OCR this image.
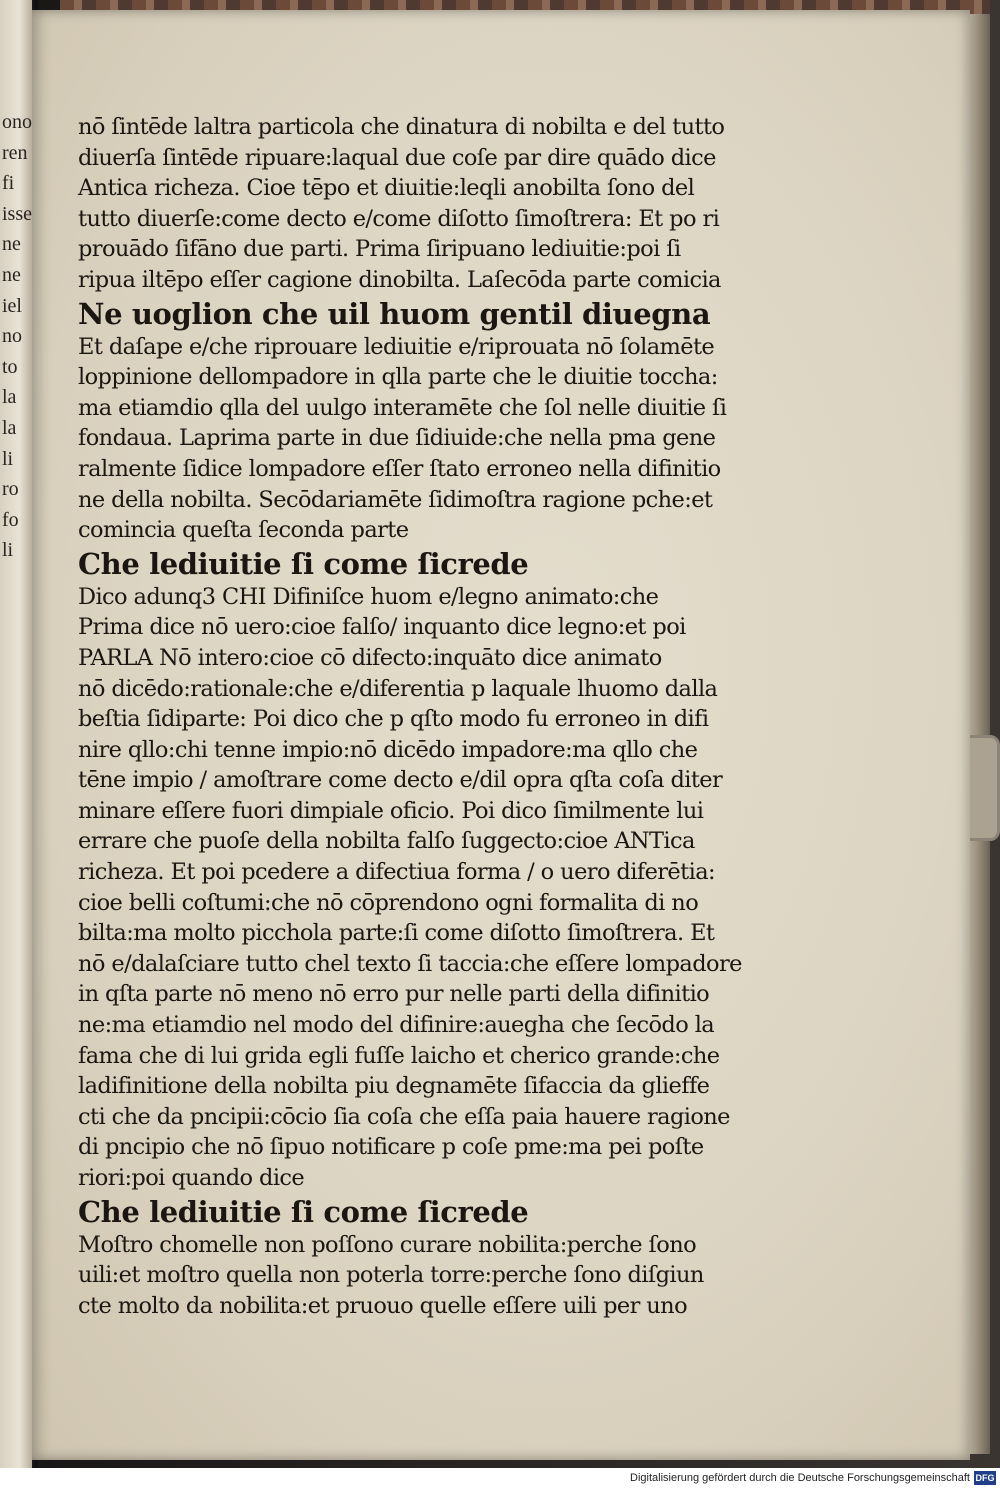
ono
ren
fi
isse
ne
ne
iel
no
to
la
la
li
ro
fo
li
nō ſintēde laltra particola che dinatura di nobilta e del tutto
diuerſa ſintēde ripuare:laqual due coſe par dire quādo dice
Antica richeza. Cioe tēpo et diuitie:leqli anobilta ſono del
tutto diuerſe:come decto e/come diſotto ſimoſtrera: Et po ri
prouādo ſifāno due parti. Prima ſiripuano lediuitie:poi ſi
ripua iltēpo eſſer cagione dinobilta. Laſecōda parte comicia
Ne uoglion che uil huom gentil diuegna
Et daſape e/che riprouare lediuitie e/riprouata nō ſolamēte
loppinione dellompadore in qlla parte che le diuitie toccha:
ma etiamdio qlla del uulgo interamēte che ſol nelle diuitie ſi
fondaua. Laprima parte in due ſidiuide:che nella pma gene
ralmente ſidice lompadore eſſer ſtato erroneo nella difinitio
ne della nobilta. Secōdariamēte ſidimoſtra ragione pche:et
comincia queſta ſeconda parte
Che lediuitie ſi come ſicrede
Dico adunq3 CHI Difiniſce huom e/legno animato:che
Prima dice nō uero:cioe falſo/ inquanto dice legno:et poi
PARLA Nō intero:cioe cō difecto:inquāto dice animato
nō dicēdo:rationale:che e/diferentia p laquale lhuomo dalla
beſtia ſidiparte: Poi dico che p qſto modo fu erroneo in difi
nire qllo:chi tenne impio:nō dicēdo impadore:ma qllo che
tēne impio / amoſtrare come decto e/dil opra qſta coſa diter
minare eſſere fuori dimpiale oficio. Poi dico ſimilmente lui
errare che puoſe della nobilta falſo ſuggecto:cioe ANTica
richeza. Et poi pcedere a difectiua forma / o uero diferētia:
cioe belli coſtumi:che nō cōprendono ogni formalita di no
bilta:ma molto picchola parte:ſi come diſotto ſimoſtrera. Et
nō e/dalaſciare tutto chel texto ſi taccia:che eſſere lompadore
in qſta parte nō meno nō erro pur nelle parti della difinitio
ne:ma etiamdio nel modo del difinire:auegha che ſecōdo la
fama che di lui grida egli fuſſe laicho et cherico grande:che
ladifinitione della nobilta piu degnamēte ſifaccia da glieffe
cti che da pncipii:cōcio ſia coſa che eſſa paia hauere ragione
di pncipio che nō ſipuo notificare p coſe pme:ma pei poſte
riori:poi quando dice
Che lediuitie ſi come ſicrede
Moſtro chomelle non poſſono curare nobilita:perche ſono
uili:et moſtro quella non poterla torre:perche ſono diſgiun
cte molto da nobilita:et pruouo quelle eſſere uili per uno
Digitalisierung gefördert durch die Deutsche Forschungsgemeinschaft DFG
